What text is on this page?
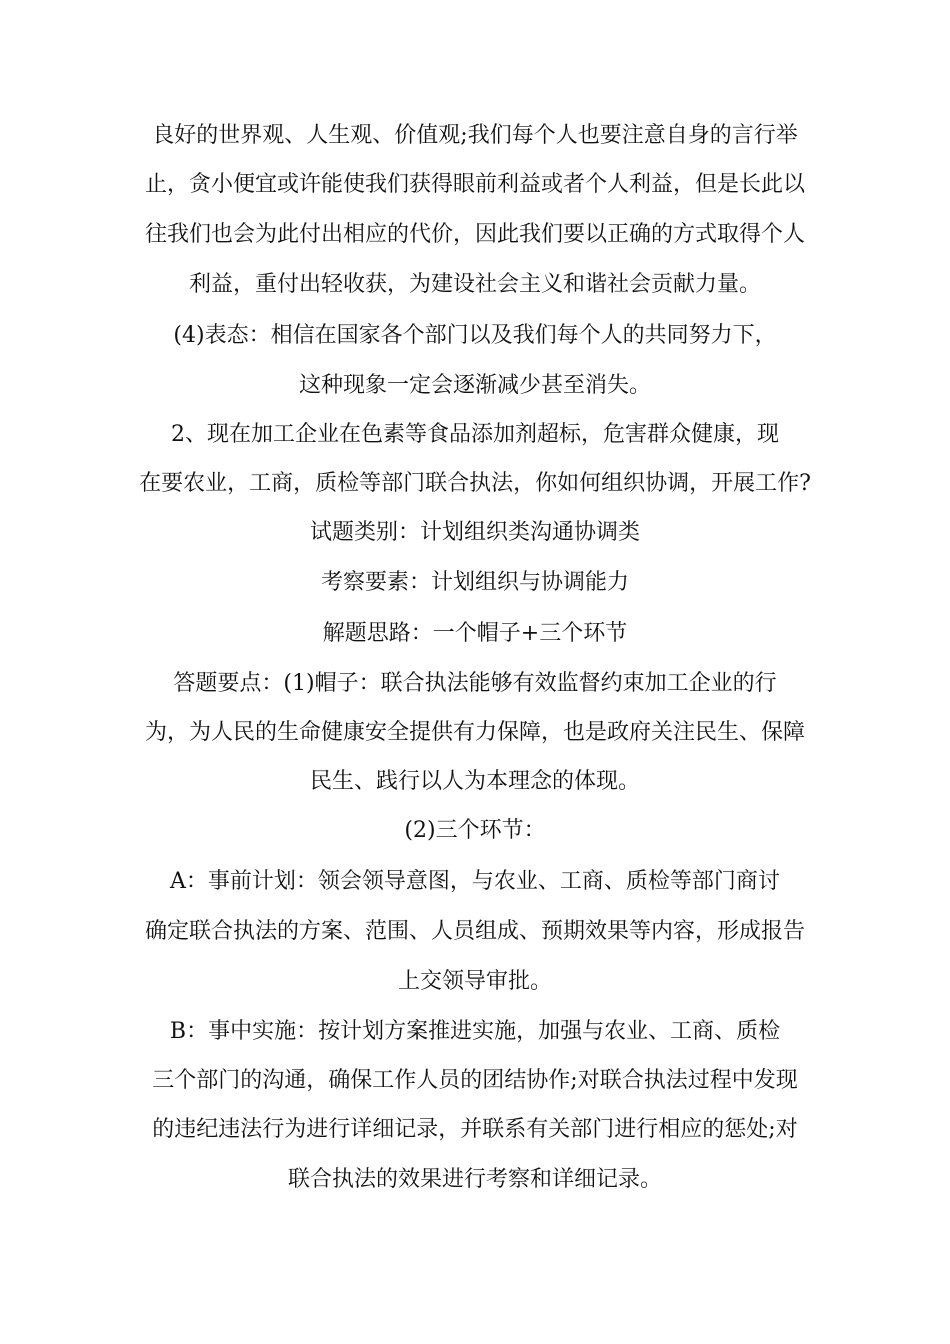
良好的世界观、人生观、价值观;我们每个人也要注意自身的言行举
止，贪小便宜或许能使我们获得眼前利益或者个人利益，但是长此以
往我们也会为此付出相应的代价，因此我们要以正确的方式取得个人
利益，重付出轻收获，为建设社会主义和谐社会贡献力量。
(4)表态：相信在国家各个部门以及我们每个人的共同努力下，
这种现象一定会逐渐减少甚至消失。
2、现在加工企业在色素等食品添加剂超标，危害群众健康，现
在要农业，工商，质检等部门联合执法，你如何组织协调，开展工作?
试题类别：计划组织类沟通协调类
考察要素：计划组织与协调能力
解题思路：一个帽子+三个环节
答题要点：(1)帽子：联合执法能够有效监督约束加工企业的行
为，为人民的生命健康安全提供有力保障，也是政府关注民生、保障
民生、践行以人为本理念的体现。
(2)三个环节：
A：事前计划：领会领导意图，与农业、工商、质检等部门商讨
确定联合执法的方案、范围、人员组成、预期效果等内容，形成报告
上交领导审批。
B：事中实施：按计划方案推进实施，加强与农业、工商、质检
三个部门的沟通，确保工作人员的团结协作;对联合执法过程中发现
的违纪违法行为进行详细记录，并联系有关部门进行相应的惩处;对
联合执法的效果进行考察和详细记录。
